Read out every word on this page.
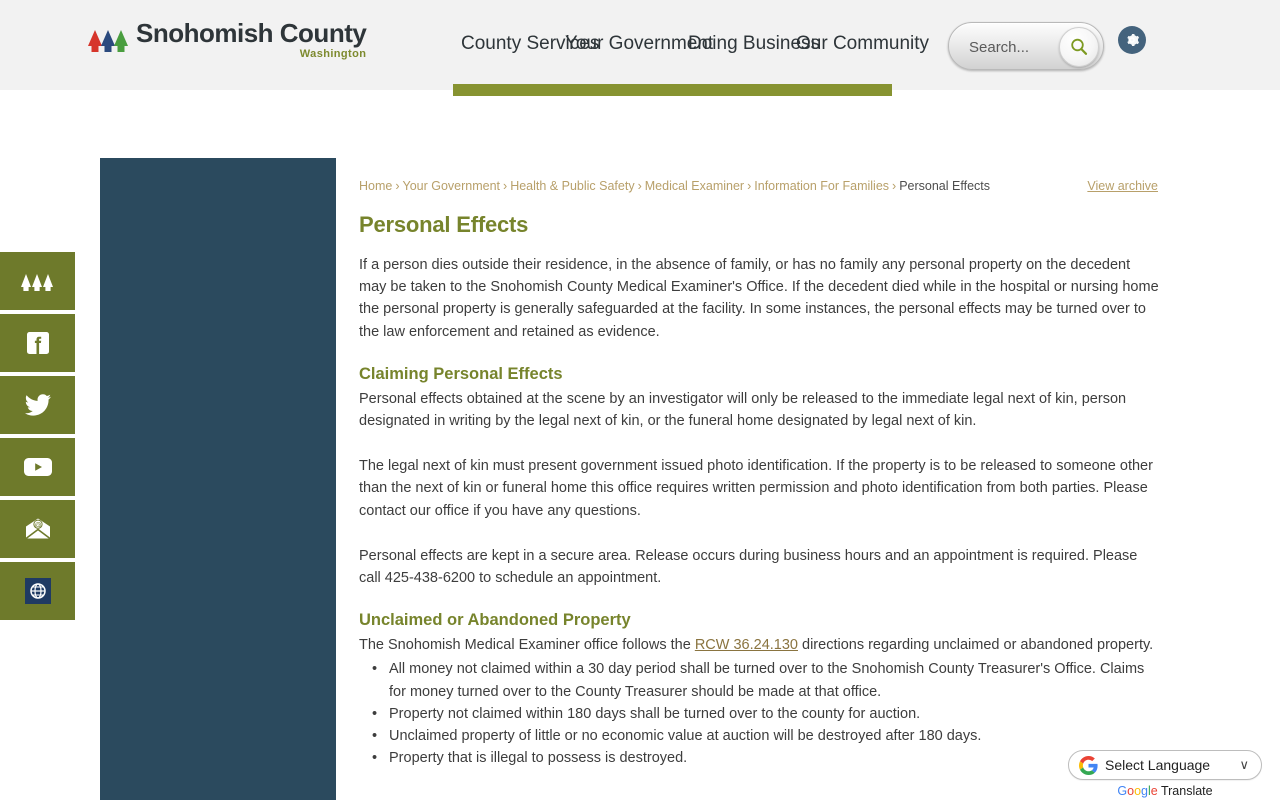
Snohomish County
Washington	County Services
Your Government
Doing Business
Our Community
Search...
@
Home › Your Government › Health & Public Safety › Medical Examiner › Information For Families › Personal Effects	View archive
Personal Effects

If a person dies outside their residence, in the absence of family, or has no family any personal property on the decedent may be taken to the Snohomish County Medical Examiner's Office. If the decedent died while in the hospital or nursing home the personal property is generally safeguarded at the facility. In some instances, the personal effects may be turned over to the law enforcement and retained as evidence.

Claiming Personal Effects

Personal effects obtained at the scene by an investigator will only be released to the immediate legal next of kin, person designated in writing by the legal next of kin, or the funeral home designated by legal next of kin.

The legal next of kin must present government issued photo identification. If the property is to be released to someone other than the next of kin or funeral home this office requires written permission and photo identification from both parties. Please contact our office if you have any questions.

Personal effects are kept in a secure area. Release occurs during business hours and an appointment is required. Please call 425-438-6200 to schedule an appointment.

Unclaimed or Abandoned Property

The Snohomish Medical Examiner office follows the RCW 36.24.130 directions regarding unclaimed or abandoned property.

• All money not claimed within a 30 day period shall be turned over to the Snohomish County Treasurer's Office. Claims for money turned over to the County Treasurer should be made at that office.
• Property not claimed within 180 days shall be turned over to the county for auction.
• Unclaimed property of little or no economic value at auction will be destroyed after 180 days.
• Property that is illegal to possess is destroyed.	Select Language	∨
Google Translate
